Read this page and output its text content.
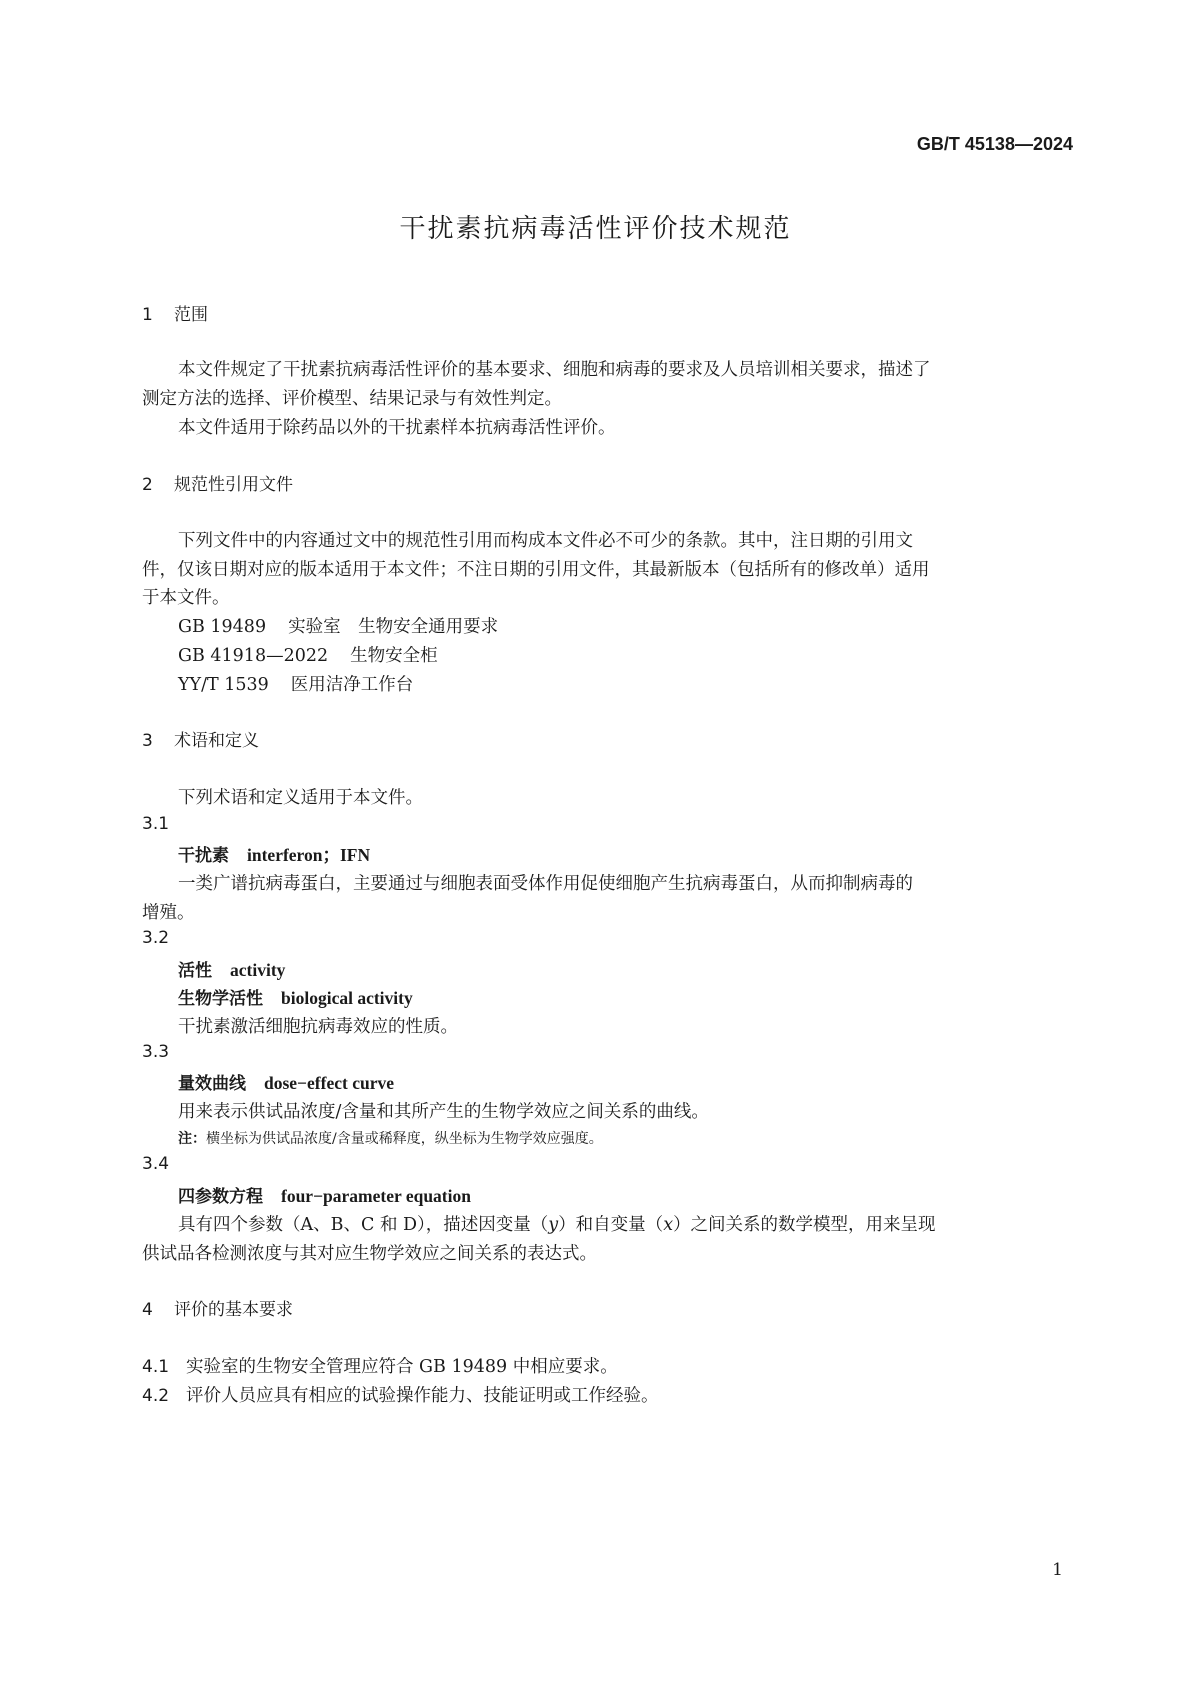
GB/T 45138—2024
干扰素抗病毒活性评价技术规范
1 范围
本文件规定了干扰素抗病毒活性评价的基本要求、细胞和病毒的要求及人员培训相关要求，描述了
测定方法的选择、评价模型、结果记录与有效性判定。
本文件适用于除药品以外的干扰素样本抗病毒活性评价。
2 规范性引用文件
下列文件中的内容通过文中的规范性引用而构成本文件必不可少的条款。其中，注日期的引用文
件，仅该日期对应的版本适用于本文件；不注日期的引用文件，其最新版本（包括所有的修改单）适用
于本文件。
GB 19489 实验室　生物安全通用要求
GB 41918—2022 生物安全柜
YY/T 1539 医用洁净工作台
3 术语和定义
下列术语和定义适用于本文件。
3.1
干扰素 interferon；IFN
一类广谱抗病毒蛋白，主要通过与细胞表面受体作用促使细胞产生抗病毒蛋白，从而抑制病毒的
增殖。
3.2
活性 activity
生物学活性 biological activity
干扰素激活细胞抗病毒效应的性质。
3.3
量效曲线 dose−effect curve
用来表示供试品浓度/含量和其所产生的生物学效应之间关系的曲线。
注：横坐标为供试品浓度/含量或稀释度，纵坐标为生物学效应强度。
3.4
四参数方程 four−parameter equation
具有四个参数（A、B、C 和 D），描述因变量（y）和自变量（x）之间关系的数学模型，用来呈现
供试品各检测浓度与其对应生物学效应之间关系的表达式。
4 评价的基本要求
4.1 实验室的生物安全管理应符合 GB 19489 中相应要求。
4.2 评价人员应具有相应的试验操作能力、技能证明或工作经验。
1
